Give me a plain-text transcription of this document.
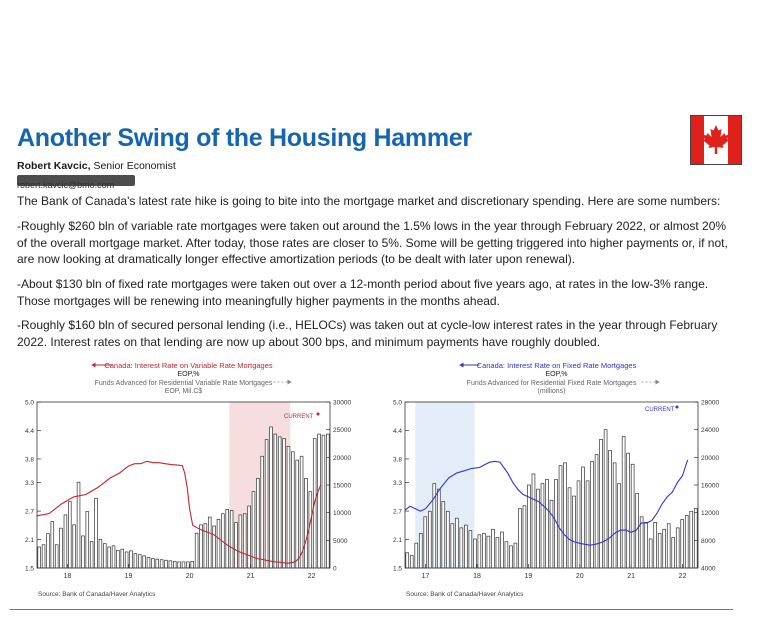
Another Swing of the Housing Hammer
Robert Kavcic, Senior Economist
The Bank of Canada's latest rate hike is going to bite into the mortgage market and discretionary spending. Here are some numbers:
-Roughly $260 bln of variable rate mortgages were taken out around the 1.5% lows in the year through February 2022, or almost 20% of the overall mortgage market. After today, those rates are closer to 5%. Some will be getting triggered into higher payments or, if not, are now looking at dramatically longer effective amortization periods (to be dealt with later upon renewal).
-About $130 bln of fixed rate mortgages were taken out over a 12-month period about five years ago, at rates in the low-3% range. Those mortgages will be renewing into meaningfully higher payments in the months ahead.
-Roughly $160 bln of secured personal lending (i.e., HELOCs) was taken out at cycle-low interest rates in the year through February 2022. Interest rates on that lending are now up about 300 bps, and minimum payments have roughly doubled.
Canada: Interest Rate on Variable Rate Mortgages
EOP,%
Funds Advanced for Residential Variable Rate Mortgages
EOP, Mil.C$
1.5
2.1
2.7
3.3
3.8
4.4
5.0
0
5000
10000
15000
20000
25000
30000
18	19	20	21	22
CURRENT
Source: Bank of Canada/Haver Analytics
Canada: Interest Rate on Fixed Rate Mortgages
EOP,%
Funds Advanced for Residential Fixed Rate Mortgages
(millions)
1.5
2.1
2.7
3.3
3.8
4.4
5.0
4000
8000
12000
16000
20000
24000
28000
17	18	19	20	21	22
CURRENT
Source: Bank of Canada/Haver Analytics
